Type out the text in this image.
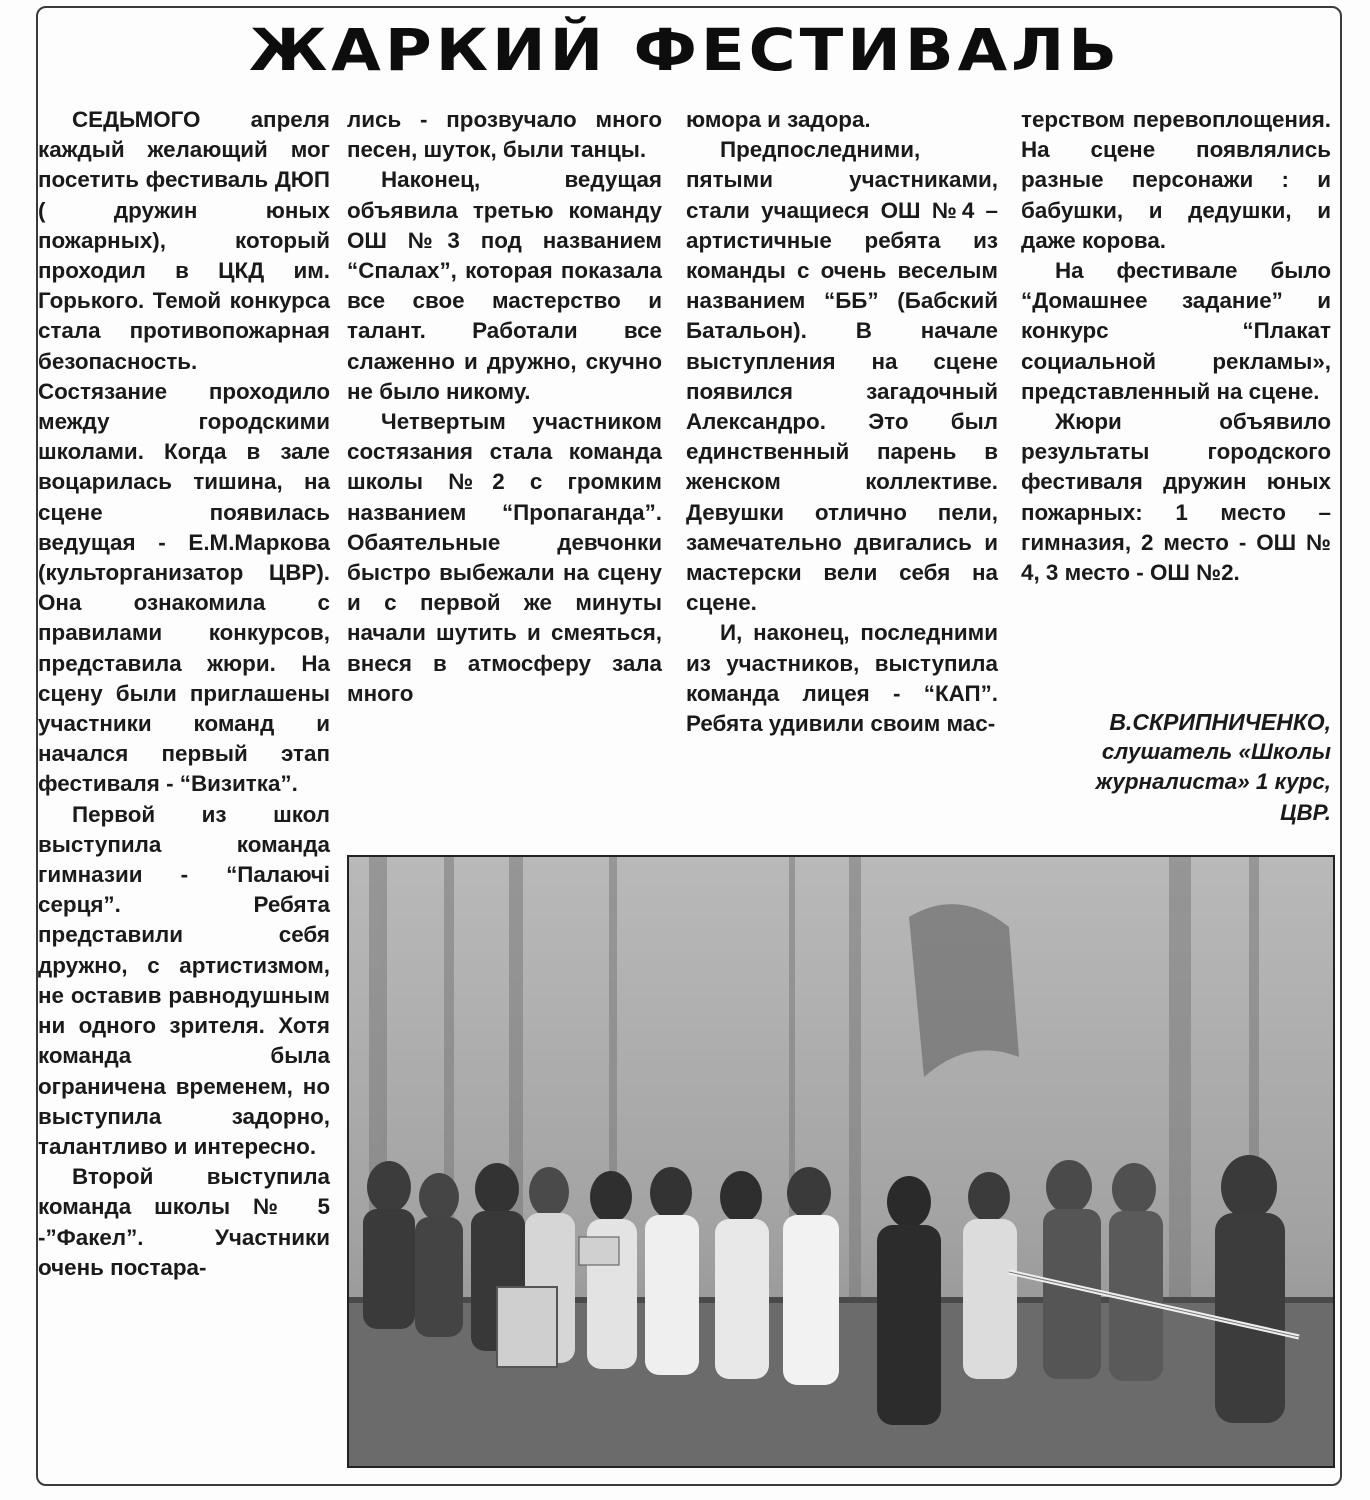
ЖАРКИЙ ФЕСТИВАЛЬ

СЕДЬМОГО апреля каждый желающий мог посетить фестиваль ДЮП ( дружин юных пожарных), который проходил в ЦКД им. Горького. Темой конкурса стала противопожарная безопасность. Состязание проходило между городскими школами. Когда в зале воцарилась тишина, на сцене появилась ведущая - Е.М.Маркова (культорганизатор ЦВР). Она ознакомила с правилами конкурсов, представила жюри. На сцену были приглашены участники команд и начался первый этап фестиваля - “Визитка”.

Первой из школ выступила команда гимназии - “Палаючі серця”. Ребята представили себя дружно, с артистизмом, не оставив равнодушным ни одного зрителя. Хотя команда была ограничена временем, но выступила задорно, талантливо и интересно.

Второй выступила команда школы № 5 -”Факел”. Участники очень постара-

лись - прозвучало много песен, шуток, были танцы.

Наконец, ведущая объявила третью команду ОШ №3 под названием “Спалах”, которая показала все свое мастерство и талант. Работали все слаженно и дружно, скучно не было никому.

Четвертым участником состязания стала команда школы №2 с громким названием “Пропаганда”. Обаятельные девчонки быстро выбежали на сцену и с первой же минуты начали шутить и смеяться, внеся в атмосферу зала много

юмора и задора.

Предпоследними, пятыми участниками, стали учащиеся ОШ №4 – артистичные ребята из команды с очень веселым названием “ББ” (Бабский Батальон). В начале выступления на сцене появился загадочный Александро. Это был единственный парень в женском коллективе. Девушки отлично пели, замечательно двигались и мастерски вели себя на сцене.

И, наконец, последними из участников, выступила команда лицея - “КАП”. Ребята удивили своим мас-

терством перевоплощения. На сцене появлялись разные персонажи : и бабушки, и дедушки, и даже корова.

На фестивале было “Домашнее задание” и конкурс “Плакат социальной рекламы», представленный на сцене.

Жюри объявило результаты городского фестиваля дружин юных пожарных: 1 место – гимназия, 2 место - ОШ № 4, 3 место - ОШ №2.

В.СКРИПНИЧЕНКО,
слушатель «Школы
журналиста» 1 курс,
ЦВР.
